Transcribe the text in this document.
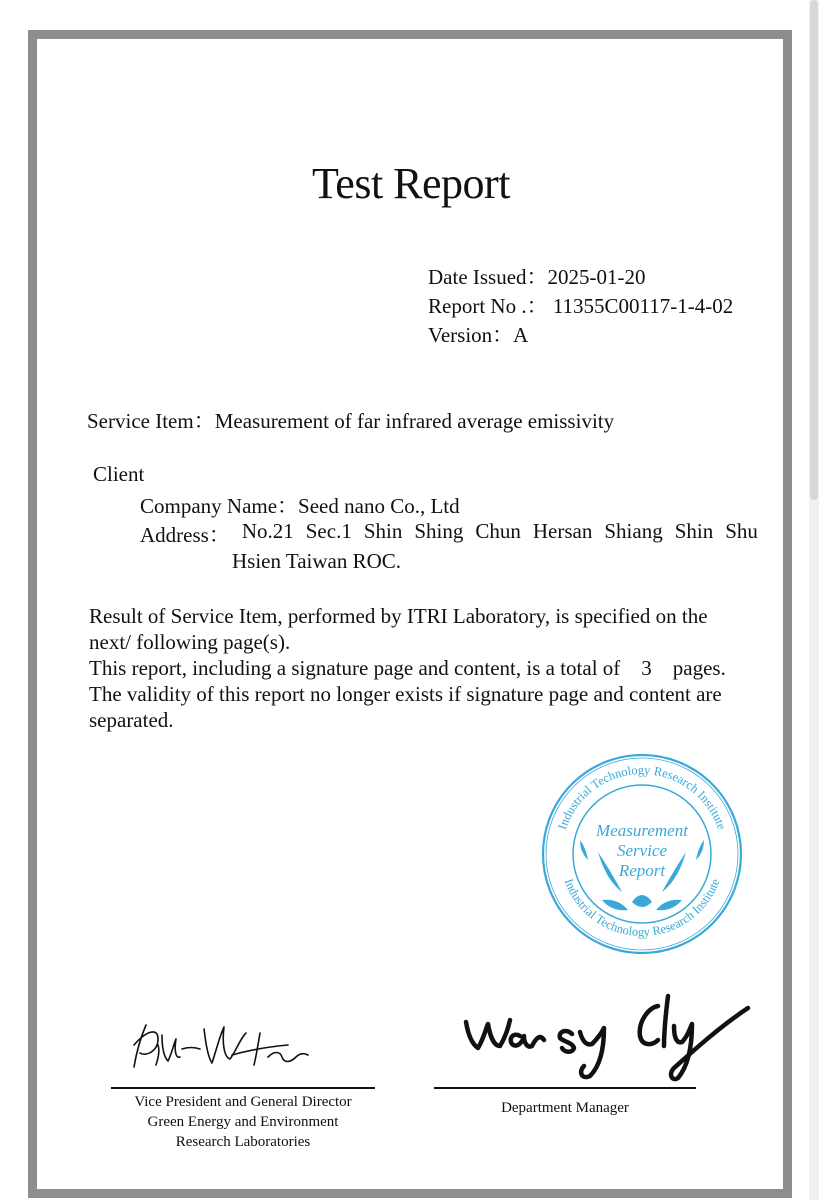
Test Report
Date Issued：2025-01-20
Report No .： 11355C00117-1-4-02
Version：A
Service Item：Measurement of far infrared average emissivity
Client
Company Name：Seed nano Co., Ltd
Address： No.21 Sec.1 Shin Shing Chun Hersan Shiang Shin Shu
Hsien Taiwan ROC.
Result of Service Item, performed by ITRI Laboratory, is specified on the
next/ following page(s).
This report, including a signature page and content, is a total of    3    pages.
The validity of this report no longer exists if signature page and content are
separated.
Industrial Technology Research Institute
Industrial Technology Research Institute
Measurement
Service
Report
Vice President and General Director
Green Energy and Environment
Research Laboratories
Department Manager
